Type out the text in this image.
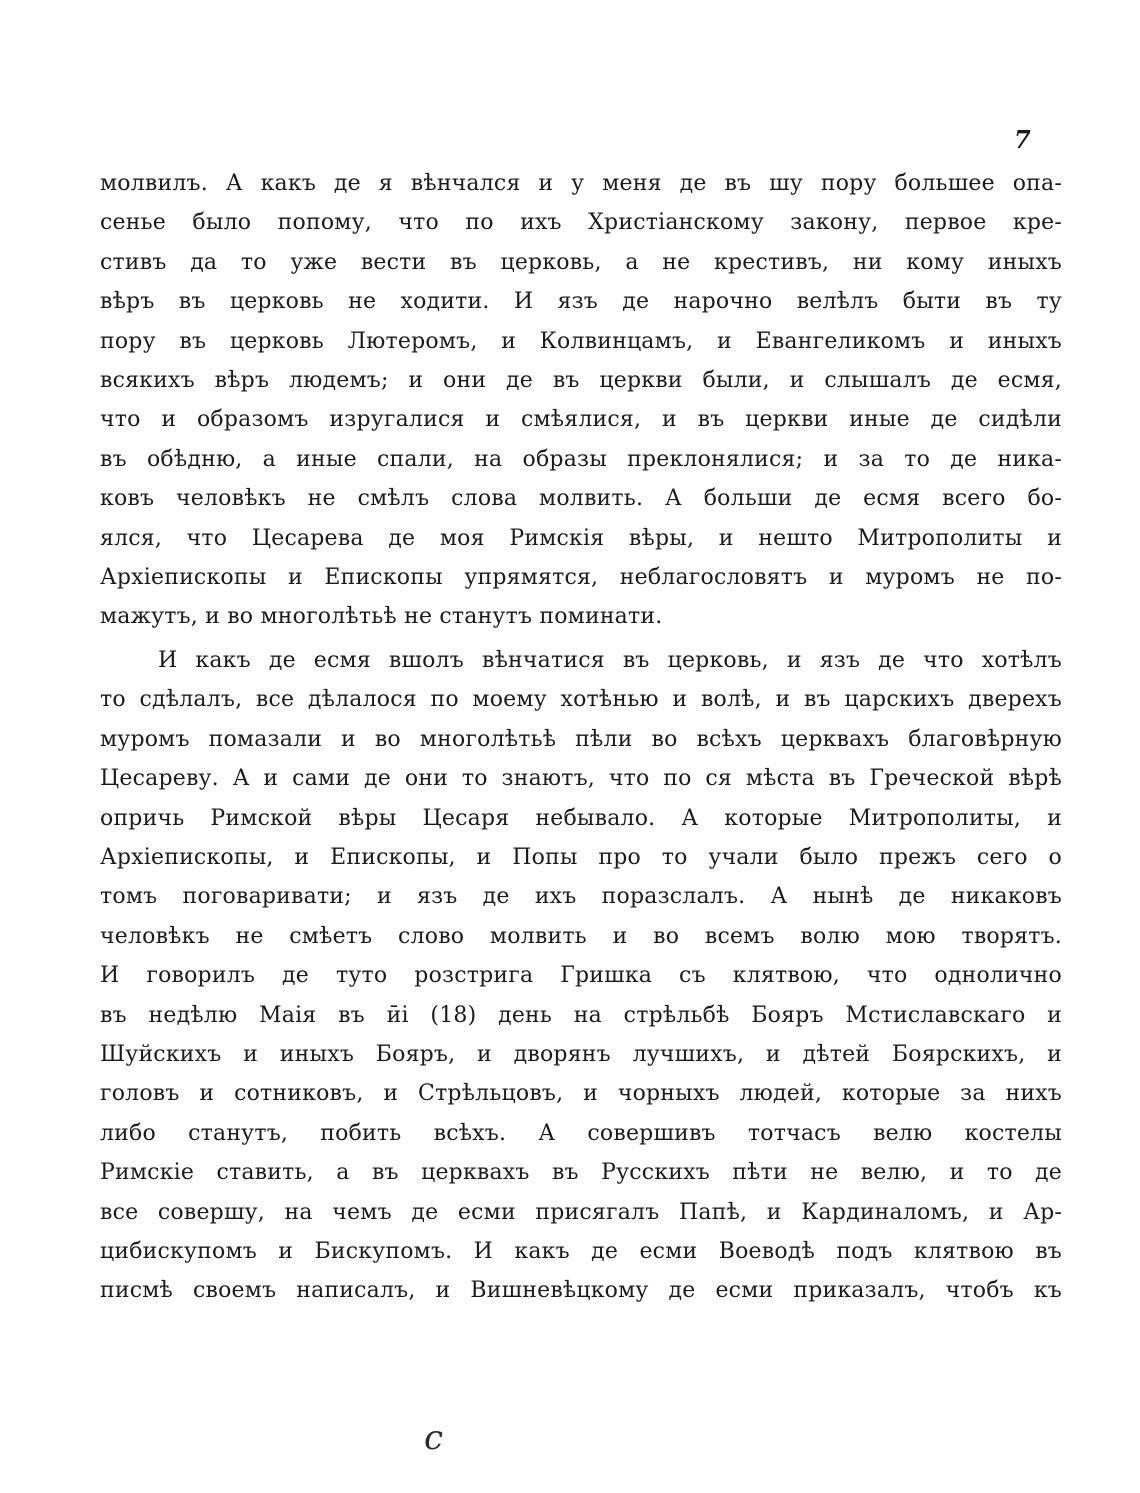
7
молвилъ. А какъ де я вѣнчался и у меня де въ шу пору большее опа-
сенье было попому, что по ихъ Христіанскому закону, первое кре-
стивъ да то уже вести въ церковь, а не крестивъ, ни кому иныхъ
вѣръ въ церковь не ходити. И язъ де нарочно велѣлъ быти въ ту
пору въ церковь Лютеромъ, и Колвинцамъ, и Евангеликомъ и иныхъ
всякихъ вѣръ людемъ; и они де въ церкви были, и слышалъ де есмя,
что и образомъ изругалися и смѣялися, и въ церкви иные де сидѣли
въ обѣдню, а иные спали, на образы преклонялися; и за то де ника-
ковъ человѣкъ не смѣлъ слова молвить. А больши де есмя всего бо-
ялся, что Цесарева де моя Римскія вѣры, и нешто Митрополиты и
Архіепископы и Епископы упрямятся, неблагословятъ и муромъ не по-
мажутъ, и во многолѣтьѣ не станутъ поминати.
И какъ де есмя вшолъ вѣнчатися въ церковь, и язъ де что хотѣлъ
то сдѣлалъ, все дѣлалося по моему хотѣнью и волѣ, и въ царскихъ дверехъ
муромъ помазали и во многолѣтьѣ пѣли во всѣхъ церквахъ благовѣрную
Цесареву. А и сами де они то знаютъ, что по ся мѣста въ Греческой вѣрѣ
опричь Римской вѣры Цесаря небывало. А которые Митрополиты, и
Архіепископы, и Епископы, и Попы про то учали было прежъ сего о
томъ поговаривати; и язъ де ихъ поразслалъ. А нынѣ де никаковъ
человѣкъ не смѣетъ слово молвить и во всемъ волю мою творятъ.
И говорилъ де тутo розстрига Гришка съ клятвою, что одноличнo
въ недѣлю Маія въ ӣі (18) день на стрѣльбѣ Бояръ Мстиславскаго и
Шуйскихъ и иныхъ Бояръ, и дворянъ лучшихъ, и дѣтей Боярскихъ, и
головъ и сотниковъ, и Стрѣльцовъ, и чорныхъ людей, которые за нихъ
либо станутъ, побить всѣхъ. А совершивъ тотчасъ велю костелы
Римскіе ставить, а въ церквахъ въ Русскихъ пѣти не велю, и то де
все совершу, на чемъ де есми присягалъ Папѣ, и Кардиналомъ, и Ар-
цибискупомъ и Бискупомъ. И какъ де есми Воеводѣ подъ клятвою въ
писмѣ своемъ написалъ, и Вишневѣцкому де есми приказалъ, чтобъ къ
c
